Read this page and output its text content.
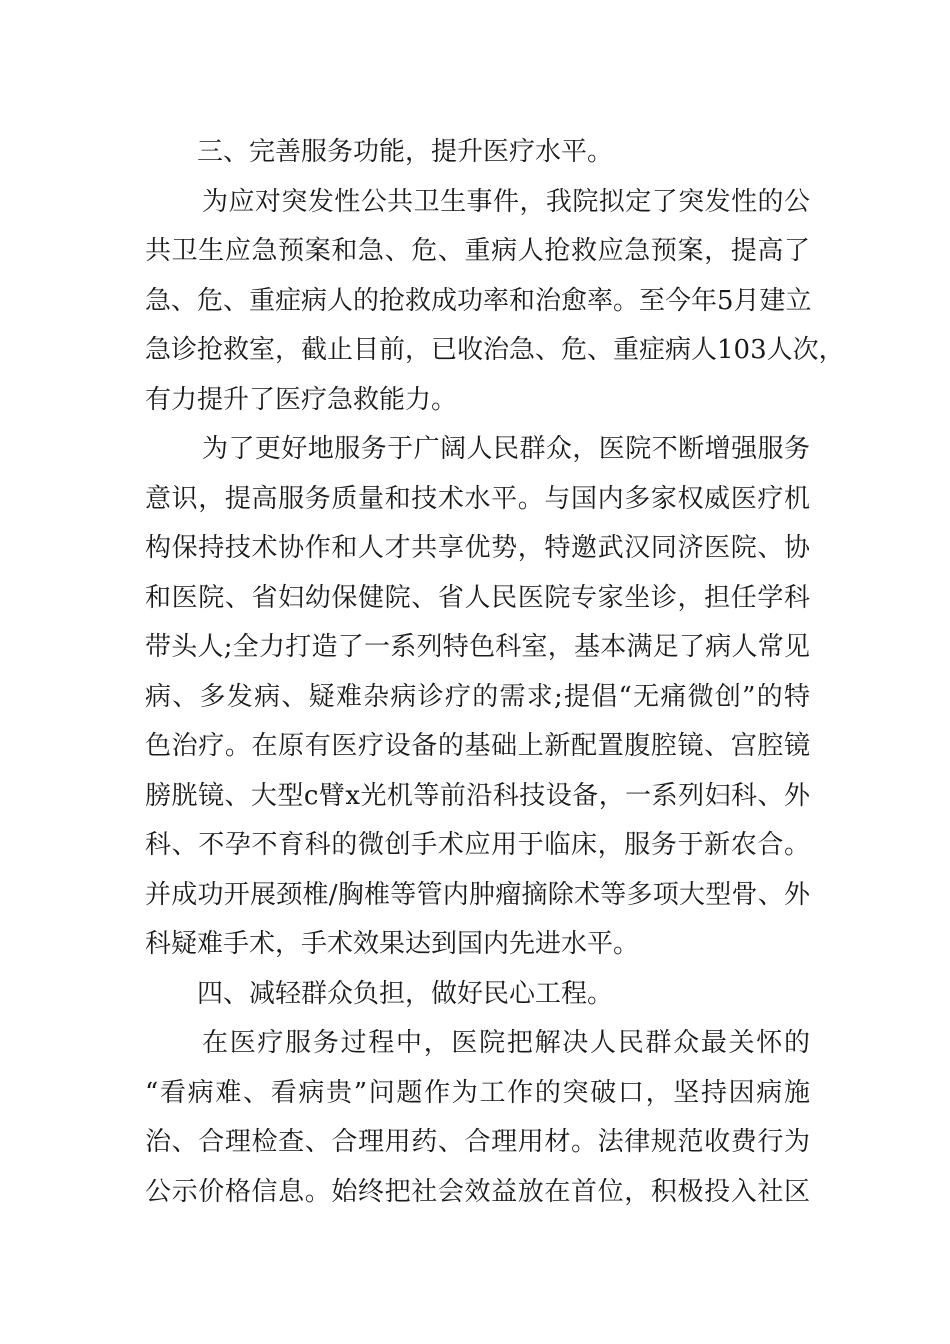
三、完善服务功能，提升医疗水平。
为应对突发性公共卫生事件，我院拟定了突发性的公
共卫生应急预案和急、危、重病人抢救应急预案，提高了
急、危、重症病人的抢救成功率和治愈率。至今年5月建立
急诊抢救室，截止目前，已收治急、危、重症病人103人次，
有力提升了医疗急救能力。
为了更好地服务于广阔人民群众，医院不断增强服务
意识，提高服务质量和技术水平。与国内多家权威医疗机
构保持技术协作和人才共享优势，特邀武汉同济医院、协
和医院、省妇幼保健院、省人民医院专家坐诊，担任学科
带头人;全力打造了一系列特色科室，基本满足了病人常见
病、多发病、疑难杂病诊疗的需求;提倡“无痛微创”的特
色治疗。在原有医疗设备的基础上新配置腹腔镜、宫腔镜
膀胱镜、大型c臂x光机等前沿科技设备，一系列妇科、外
科、不孕不育科的微创手术应用于临床，服务于新农合。
并成功开展颈椎/胸椎等管内肿瘤摘除术等多项大型骨、外
科疑难手术，手术效果达到国内先进水平。
四、减轻群众负担，做好民心工程。
在医疗服务过程中，医院把解决人民群众最关怀的
“看病难、看病贵”问题作为工作的突破口，坚持因病施
治、合理检查、合理用药、合理用材。法律规范收费行为
公示价格信息。始终把社会效益放在首位，积极投入社区
